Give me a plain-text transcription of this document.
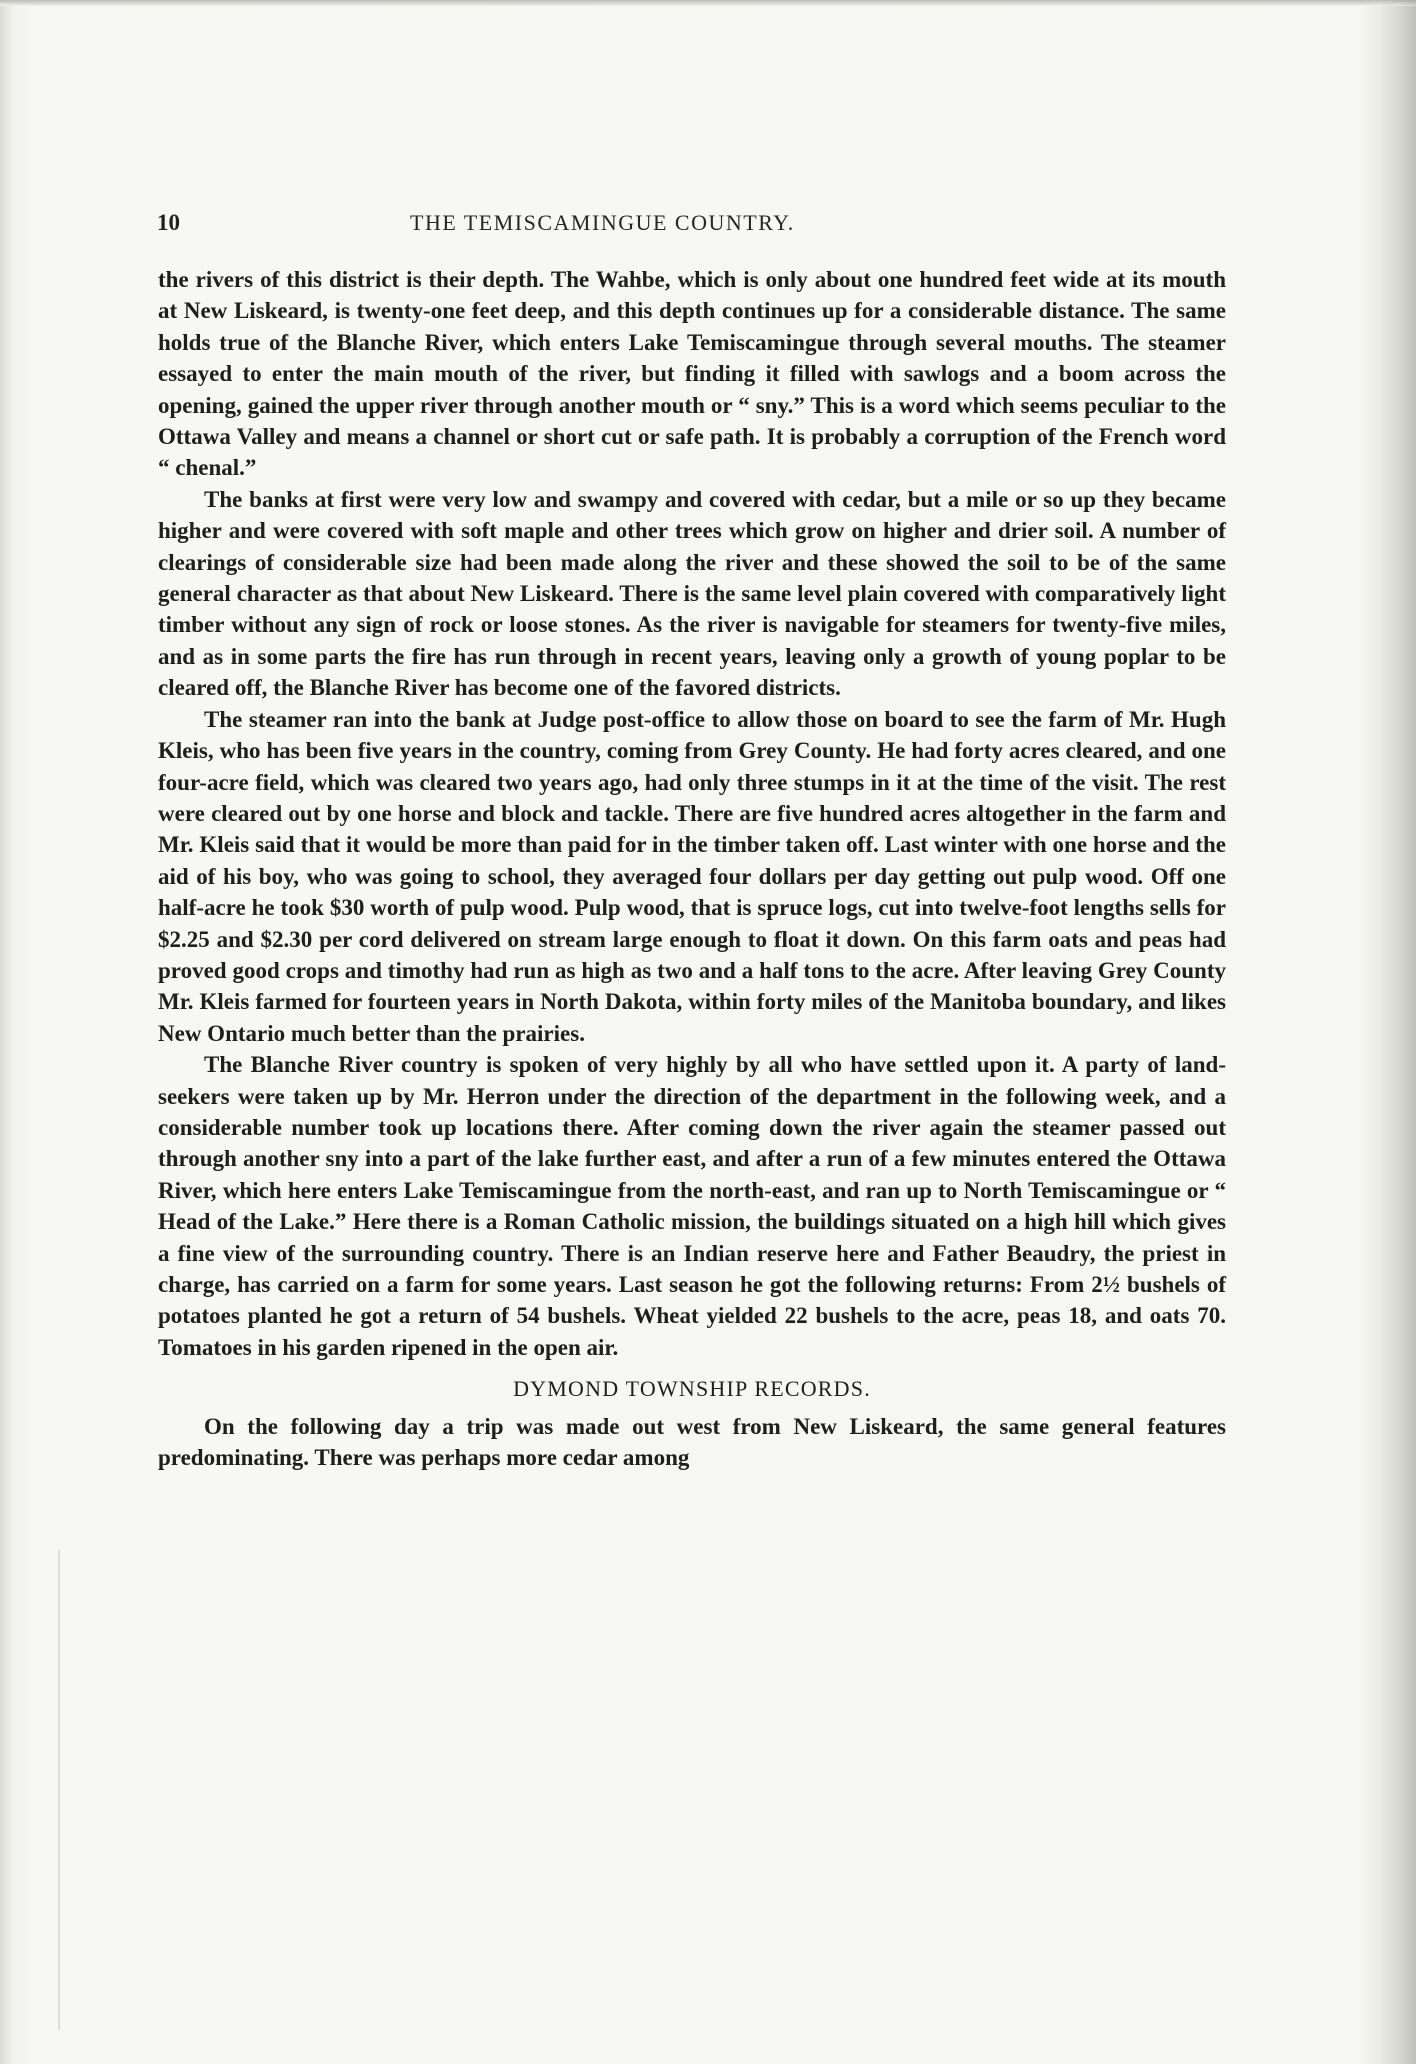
10	THE TEMISCAMINGUE COUNTRY.

the rivers of this district is their depth. The Wahbe, which is only about one hundred feet wide at its mouth at New Liskeard, is twenty-one feet deep, and this depth continues up for a considerable distance. The same holds true of the Blanche River, which enters Lake Temiscamingue through several mouths. The steamer essayed to enter the main mouth of the river, but finding it filled with sawlogs and a boom across the opening, gained the upper river through another mouth or “ sny.” This is a word which seems peculiar to the Ottawa Valley and means a channel or short cut or safe path. It is probably a corruption of the French word “ chenal.”

The banks at first were very low and swampy and covered with cedar, but a mile or so up they became higher and were covered with soft maple and other trees which grow on higher and drier soil. A number of clearings of considerable size had been made along the river and these showed the soil to be of the same general character as that about New Liskeard. There is the same level plain covered with comparatively light timber without any sign of rock or loose stones. As the river is navigable for steamers for twenty-five miles, and as in some parts the fire has run through in recent years, leaving only a growth of young poplar to be cleared off, the Blanche River has become one of the favored districts.

The steamer ran into the bank at Judge post-office to allow those on board to see the farm of Mr. Hugh Kleis, who has been five years in the country, coming from Grey County. He had forty acres cleared, and one four-acre field, which was cleared two years ago, had only three stumps in it at the time of the visit. The rest were cleared out by one horse and block and tackle. There are five hundred acres altogether in the farm and Mr. Kleis said that it would be more than paid for in the timber taken off. Last winter with one horse and the aid of his boy, who was going to school, they averaged four dollars per day getting out pulp wood. Off one half-acre he took $30 worth of pulp wood. Pulp wood, that is spruce logs, cut into twelve-foot lengths sells for $2.25 and $2.30 per cord delivered on stream large enough to float it down. On this farm oats and peas had proved good crops and timothy had run as high as two and a half tons to the acre. After leaving Grey County Mr. Kleis farmed for fourteen years in North Dakota, within forty miles of the Manitoba boundary, and likes New Ontario much better than the prairies.

The Blanche River country is spoken of very highly by all who have settled upon it. A party of land-seekers were taken up by Mr. Herron under the direction of the department in the following week, and a considerable number took up locations there. After coming down the river again the steamer passed out through another sny into a part of the lake further east, and after a run of a few minutes entered the Ottawa River, which here enters Lake Temiscamingue from the north-east, and ran up to North Temiscamingue or “ Head of the Lake.” Here there is a Roman Catholic mission, the buildings situated on a high hill which gives a fine view of the surrounding country. There is an Indian reserve here and Father Beaudry, the priest in charge, has carried on a farm for some years. Last season he got the following returns: From 2½ bushels of potatoes planted he got a return of 54 bushels. Wheat yielded 22 bushels to the acre, peas 18, and oats 70. Tomatoes in his garden ripened in the open air.

DYMOND TOWNSHIP RECORDS.

On the following day a trip was made out west from New Liskeard, the same general features predominating. There was perhaps more cedar among
